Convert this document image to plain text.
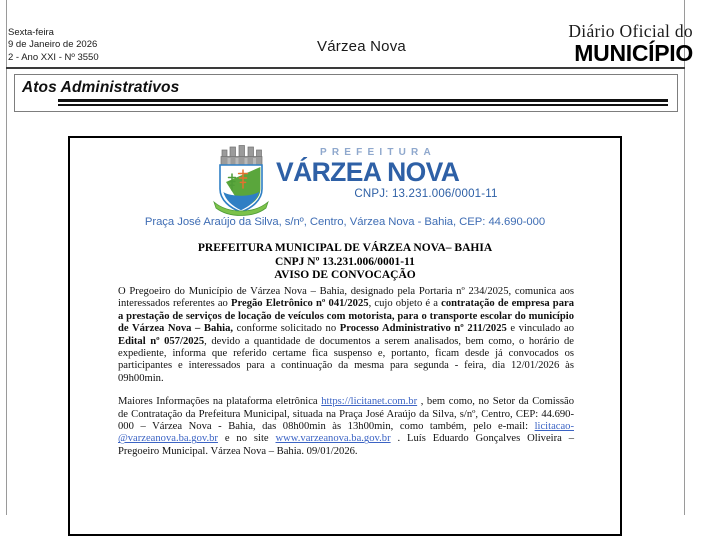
Sexta-feira
9 de Janeiro de 2026
2 - Ano XXI - Nº 3550
Várzea Nova
Diário Oficial do
MUNICÍPIO
Atos Administrativos
PREFEITURA
VÁRZEA NOVA
CNPJ: 13.231.006/0001-11
Praça José Araújo da Silva, s/nº, Centro, Várzea Nova - Bahia, CEP: 44.690-000
PREFEITURA MUNICIPAL DE VÁRZEA NOVA– BAHIA
CNPJ Nº 13.231.006/0001-11
AVISO DE CONVOCAÇÃO

O Pregoeiro do Município de Várzea Nova – Bahia, designado pela Portaria nº 234/2025, comunica aos interessados referentes ao Pregão Eletrônico nº 041/2025, cujo objeto é a contratação de empresa para a prestação de serviços de locação de veículos com motorista, para o transporte escolar do município de Várzea Nova – Bahia, conforme solicitado no Processo Administrativo nº 211/2025 e vinculado ao Edital nº 057/2025, devido a quantidade de documentos a serem analisados, bem como, o horário de expediente, informa que referido certame fica suspenso e, portanto, ficam desde já convocados os participantes e interessados para a continuação da mesma para segunda - feira, dia 12/01/2026 às 09h00min.

Maiores Informações na plataforma eletrônica https://licitanet.com.br , bem como, no Setor da Comissão de Contratação da Prefeitura Municipal, situada na Praça José Araújo da Silva, s/nº, Centro, CEP: 44.690-000 – Várzea Nova - Bahia, das 08h00min às 13h00min, como também, pelo e-mail: licitacao-@varzeanova.ba.gov.br e no site www.varzeanova.ba.gov.br . Luís Eduardo Gonçalves Oliveira – Pregoeiro Municipal. Várzea Nova – Bahia. 09/01/2026.
